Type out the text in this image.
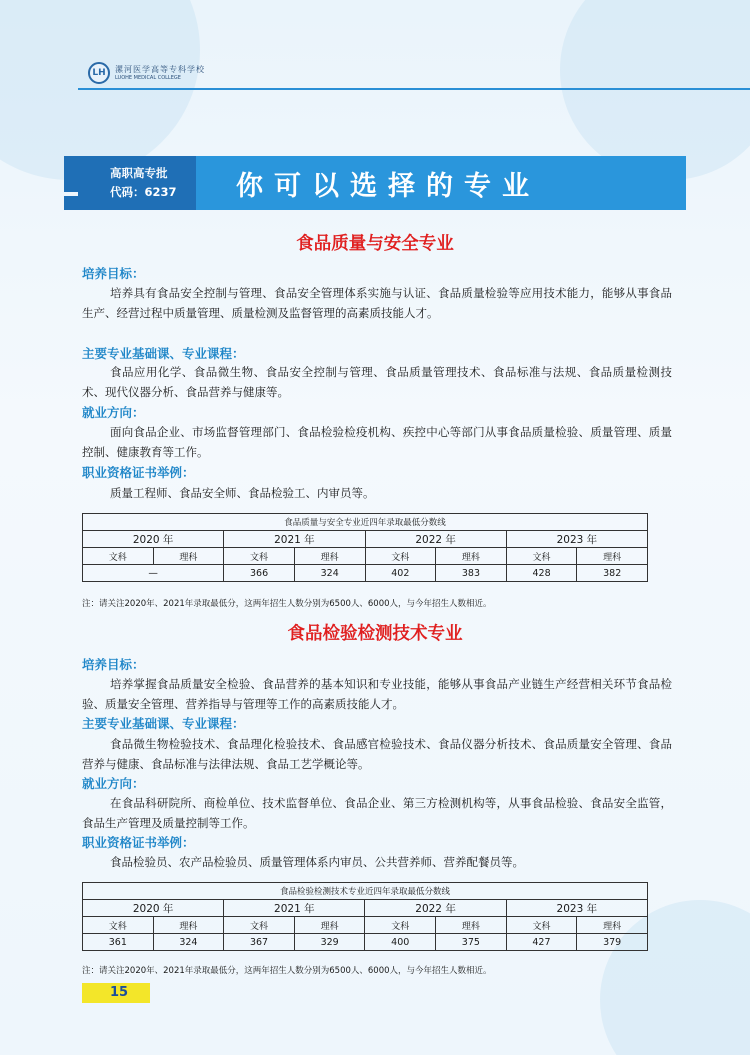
LH	漯河医学高等专科学校
LUOHE MEDICAL COLLEGE
高职高专批
代码：6237	你可以选择的专业
食品质量与安全专业
培养目标：
培养具有食品安全控制与管理、食品安全管理体系实施与认证、食品质量检验等应用技术能力，能够从事食品生产、经营过程中质量管理、质量检测及监督管理的高素质技能人才。
主要专业基础课、专业课程：
食品应用化学、食品微生物、食品安全控制与管理、食品质量管理技术、食品标准与法规、食品质量检测技术、现代仪器分析、食品营养与健康等。
就业方向：
面向食品企业、市场监督管理部门、食品检验检疫机构、疾控中心等部门从事食品质量检验、质量管理、质量控制、健康教育等工作。
职业资格证书举例：
质量工程师、食品安全师、食品检验工、内审员等。
食品质量与安全专业近四年录取最低分数线							
2020 年		2021 年		2022 年		2023 年	
文科	理科	文科	理科	文科	理科	文科	理科
—		366	324	402	383	428	382
注：请关注2020年、2021年录取最低分，这两年招生人数分别为6500人、6000人，与今年招生人数相近。
食品检验检测技术专业
培养目标：
培养掌握食品质量安全检验、食品营养的基本知识和专业技能，能够从事食品产业链生产经营相关环节食品检验、质量安全管理、营养指导与管理等工作的高素质技能人才。
主要专业基础课、专业课程：
食品微生物检验技术、食品理化检验技术、食品感官检验技术、食品仪器分析技术、食品质量安全管理、食品营养与健康、食品标准与法律法规、食品工艺学概论等。
就业方向：
在食品科研院所、商检单位、技术监督单位、食品企业、第三方检测机构等，从事食品检验、食品安全监管，食品生产管理及质量控制等工作。
职业资格证书举例：
食品检验员、农产品检验员、质量管理体系内审员、公共营养师、营养配餐员等。
食品检验检测技术专业近四年录取最低分数线							
2020 年		2021 年		2022 年		2023 年	
文科	理科	文科	理科	文科	理科	文科	理科
361	324	367	329	400	375	427	379
注：请关注2020年、2021年录取最低分，这两年招生人数分别为6500人、6000人，与今年招生人数相近。
15
